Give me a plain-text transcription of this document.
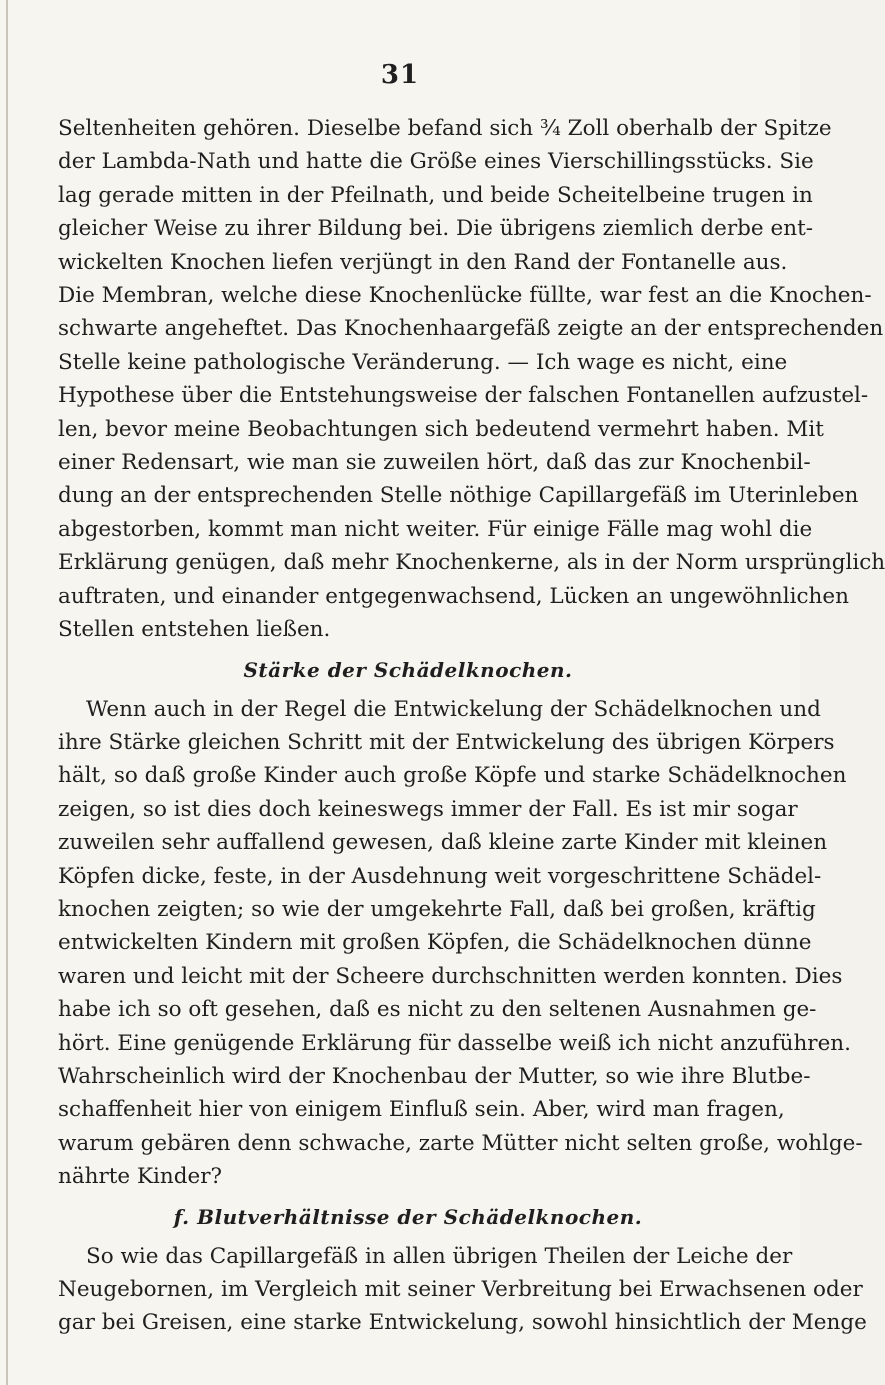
31
Seltenheiten gehören. Dieselbe befand sich ¾ Zoll oberhalb der Spitze
der Lambda-Nath und hatte die Größe eines Vierschillingsstücks. Sie
lag gerade mitten in der Pfeilnath, und beide Scheitelbeine trugen in
gleicher Weise zu ihrer Bildung bei. Die übrigens ziemlich derbe ent-
wickelten Knochen liefen verjüngt in den Rand der Fontanelle aus.
Die Membran, welche diese Knochenlücke füllte, war fest an die Knochen-
schwarte angeheftet. Das Knochenhaargefäß zeigte an der entsprechenden
Stelle keine pathologische Veränderung. — Ich wage es nicht, eine
Hypothese über die Entstehungsweise der falschen Fontanellen aufzustel-
len, bevor meine Beobachtungen sich bedeutend vermehrt haben. Mit
einer Redensart, wie man sie zuweilen hört, daß das zur Knochenbil-
dung an der entsprechenden Stelle nöthige Capillargefäß im Uterinleben
abgestorben, kommt man nicht weiter. Für einige Fälle mag wohl die
Erklärung genügen, daß mehr Knochenkerne, als in der Norm ursprünglich
auftraten, und einander entgegenwachsend, Lücken an ungewöhnlichen
Stellen entstehen ließen.
Stärke der Schädelknochen.
Wenn auch in der Regel die Entwickelung der Schädelknochen und
ihre Stärke gleichen Schritt mit der Entwickelung des übrigen Körpers
hält, so daß große Kinder auch große Köpfe und starke Schädelknochen
zeigen, so ist dies doch keineswegs immer der Fall. Es ist mir sogar
zuweilen sehr auffallend gewesen, daß kleine zarte Kinder mit kleinen
Köpfen dicke, feste, in der Ausdehnung weit vorgeschrittene Schädel-
knochen zeigten; so wie der umgekehrte Fall, daß bei großen, kräftig
entwickelten Kindern mit großen Köpfen, die Schädelknochen dünne
waren und leicht mit der Scheere durchschnitten werden konnten. Dies
habe ich so oft gesehen, daß es nicht zu den seltenen Ausnahmen ge-
hört. Eine genügende Erklärung für dasselbe weiß ich nicht anzuführen.
Wahrscheinlich wird der Knochenbau der Mutter, so wie ihre Blutbe-
schaffenheit hier von einigem Einfluß sein. Aber, wird man fragen,
warum gebären denn schwache, zarte Mütter nicht selten große, wohlge-
nährte Kinder?
f. Blutverhältnisse der Schädelknochen.
So wie das Capillargefäß in allen übrigen Theilen der Leiche der
Neugebornen, im Vergleich mit seiner Verbreitung bei Erwachsenen oder
gar bei Greisen, eine starke Entwickelung, sowohl hinsichtlich der Menge
